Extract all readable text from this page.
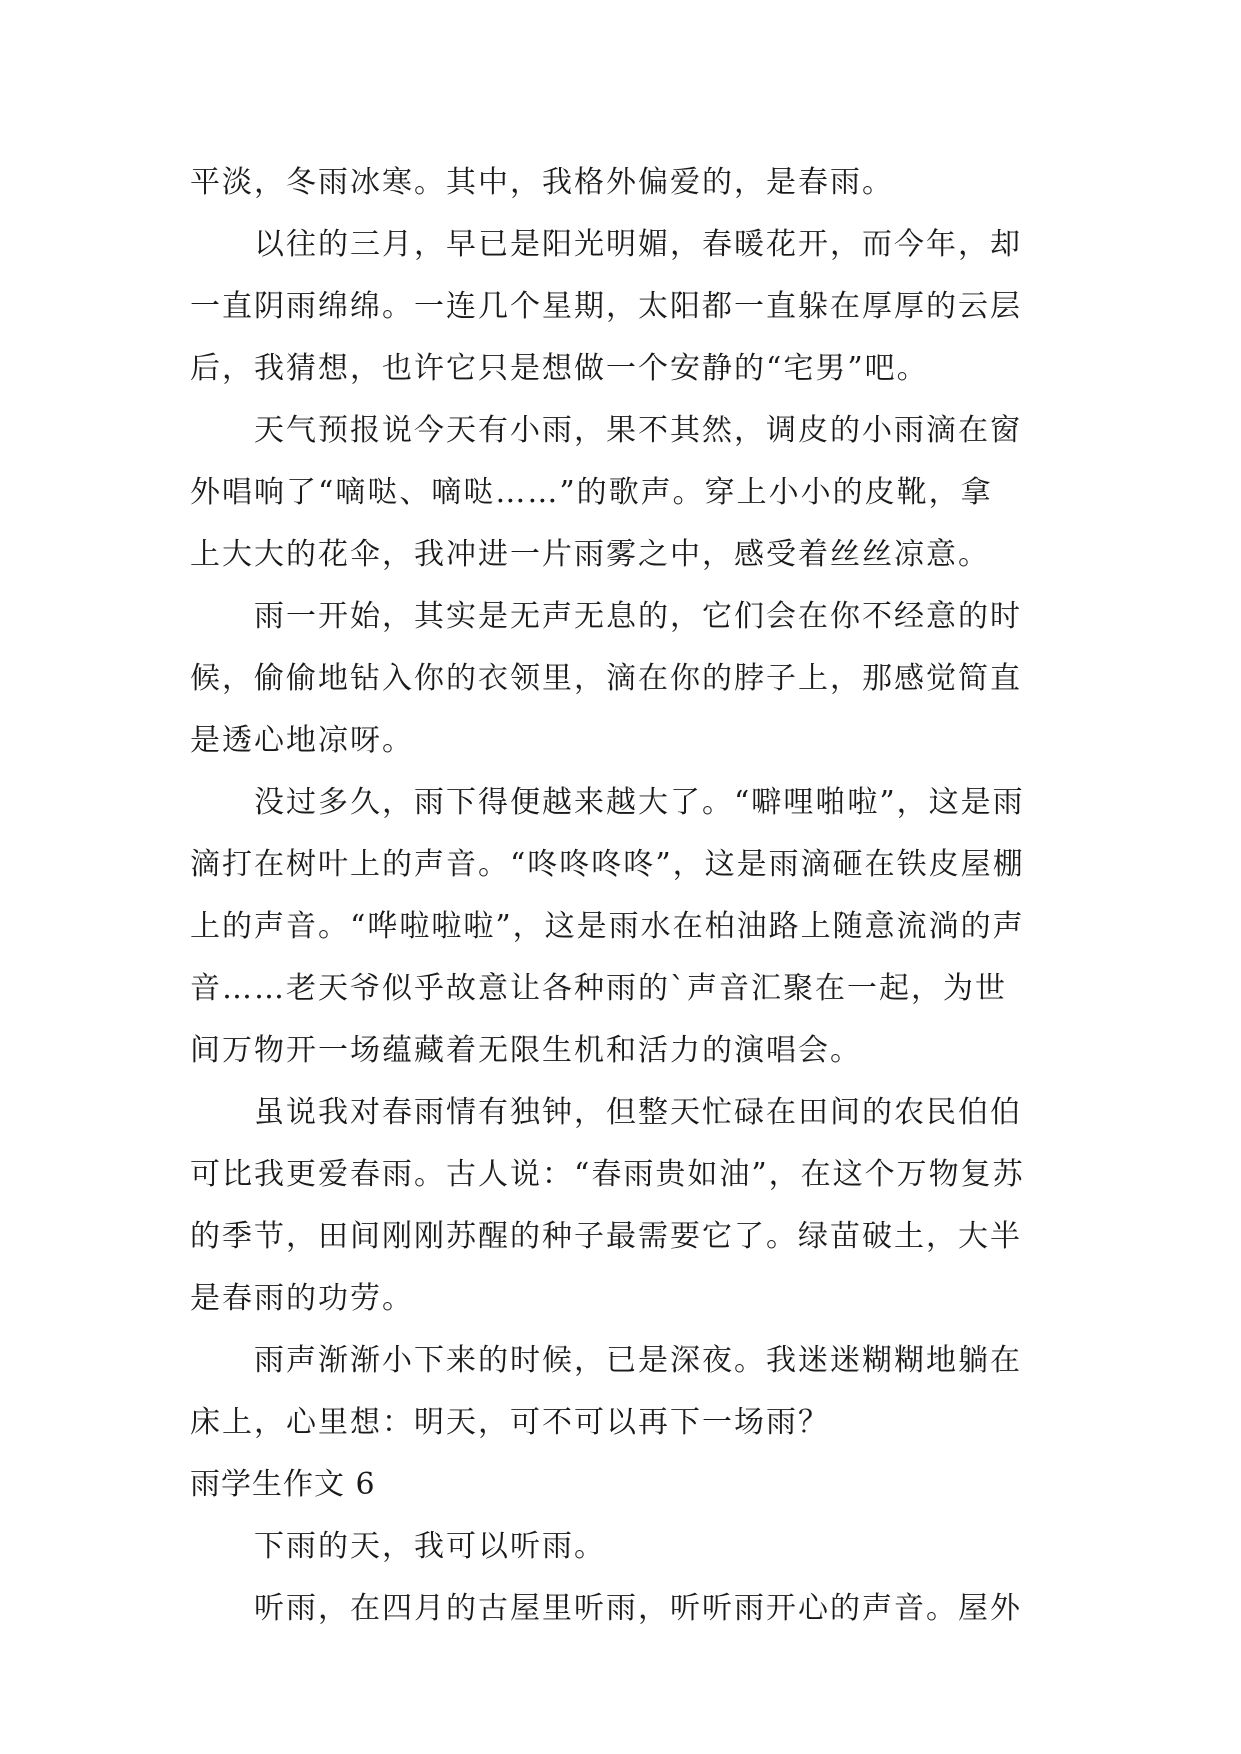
平淡，冬雨冰寒。其中，我格外偏爱的，是春雨。
以往的三月，早已是阳光明媚，春暖花开，而今年，却
一直阴雨绵绵。一连几个星期，太阳都一直躲在厚厚的云层
后，我猜想，也许它只是想做一个安静的“宅男”吧。
天气预报说今天有小雨，果不其然，调皮的小雨滴在窗
外唱响了“嘀哒、嘀哒……”的歌声。穿上小小的皮靴，拿
上大大的花伞，我冲进一片雨雾之中，感受着丝丝凉意。
雨一开始，其实是无声无息的，它们会在你不经意的时
候，偷偷地钻入你的衣领里，滴在你的脖子上，那感觉简直
是透心地凉呀。
没过多久，雨下得便越来越大了。“噼哩啪啦”，这是雨
滴打在树叶上的声音。“咚咚咚咚”，这是雨滴砸在铁皮屋棚
上的声音。“哗啦啦啦”，这是雨水在柏油路上随意流淌的声
音……老天爷似乎故意让各种雨的`声音汇聚在一起，为世
间万物开一场蕴藏着无限生机和活力的演唱会。
虽说我对春雨情有独钟，但整天忙碌在田间的农民伯伯
可比我更爱春雨。古人说：“春雨贵如油”，在这个万物复苏
的季节，田间刚刚苏醒的种子最需要它了。绿苗破土，大半
是春雨的功劳。
雨声渐渐小下来的时候，已是深夜。我迷迷糊糊地躺在
床上，心里想：明天，可不可以再下一场雨？
雨学生作文 6
下雨的天，我可以听雨。
听雨，在四月的古屋里听雨，听听雨开心的声音。屋外
